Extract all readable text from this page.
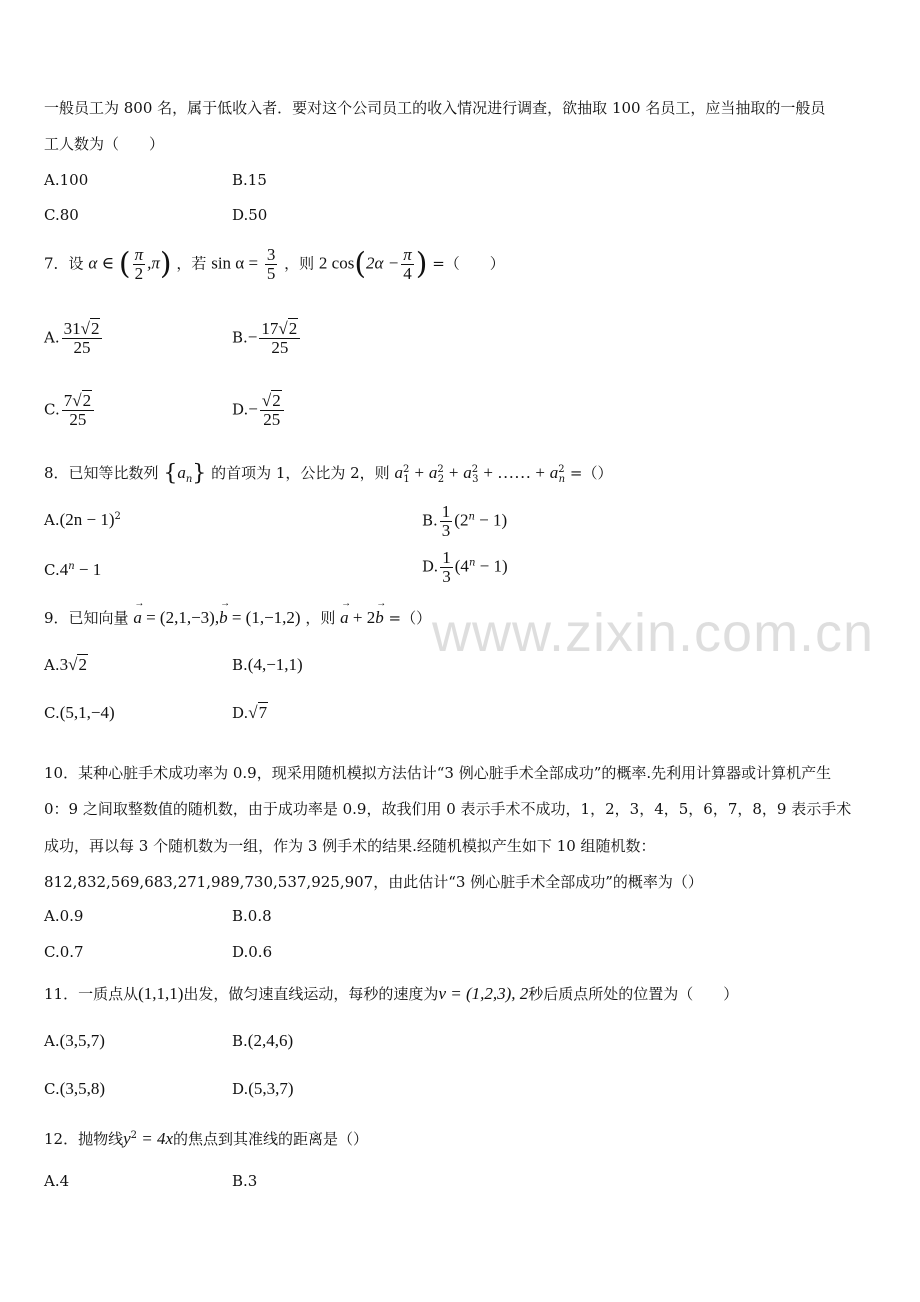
一般员工为 800 名，属于低收入者．要对这个公司员工的收入情况进行调查，欲抽取 100 名员工，应当抽取的一般员
工人数为（　　）
A.100	B.15
C.80	D.50
7．设 α ∈ ( $\frac{\pi}{2} ,\pi$) ，若 $\sin \alpha = \frac{3}{5}$ ，则 2 $\cos(2\alpha - \frac{\pi}{4}$ ) =（　　）
A. $\frac{31√2}{25}$	$B.- \frac{17√2}{25}$
C. $\frac{7√2}{25}$	$D.- \frac{√2}{25}$
8．已知等比数列 $\{a_n\}$ 的首项为 1，公比为 2，则 $a^2_1 + a^2_2 + a^2_3$ + …… + $a^2_n$ =（）
$A.(2n - 1)^2$	B. $\frac{1}{3} (2^n - 1)$
$C.4^n - 1$	D. $\frac{1}{3} (4^n - 1)$
9．已知向量 → a = (2,1,−3),→ b = (1,−1,2) ，则 → a + 2→ b =（）
A.3√2	B.(4,−1,1)
C.(5,1,−4)	D.√7
10．某种心脏手术成功率为 0.9，现采用随机模拟方法估计“3 例心脏手术全部成功”的概率.先利用计算器或计算机产生
0：9 之间取整数值的随机数，由于成功率是 0.9，故我们用 0 表示手术不成功，1，2，3，4，5，6，7，8，9 表示手术
成功，再以每 3 个随机数为一组，作为 3 例手术的结果.经随机模拟产生如下 10 组随机数：
812,832,569,683,271,989,730,537,925,907，由此估计“3 例心脏手术全部成功”的概率为（）
A.0.9	B.0.8
C.0.7	D.0.6
11．一质点从(1,1,1)出发，做匀速直线运动，每秒的速度为v = (1,2,3), 2秒后质点所处的位置为（　　）
A.(3,5,7)	B.(2,4,6)
C.(3,5,8)	D.(5,3,7)
12．抛物线$y^2 = 4x$的焦点到其准线的距离是（）
A.4	B.3
www.zixin.com.cn
